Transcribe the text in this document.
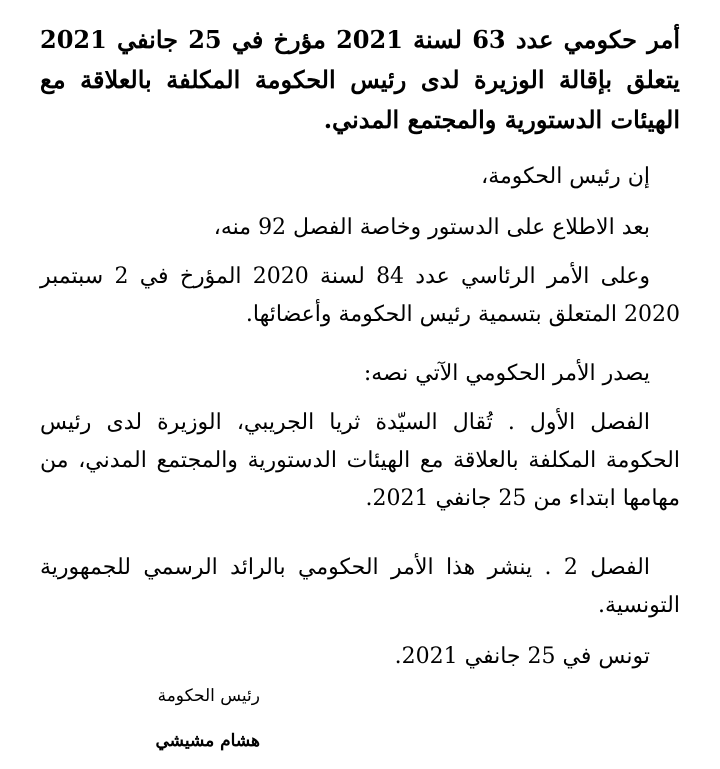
أمر حكومي عدد 63 لسنة 2021 مؤرخ في 25 جانفي 2021 يتعلق بإقالة الوزيرة لدى رئيس الحكومة المكلفة بالعلاقة مع الهيئات الدستورية والمجتمع المدني.
إن رئيس الحكومة،
بعد الاطلاع على الدستور وخاصة الفصل 92 منه،
وعلى الأمر الرئاسي عدد 84 لسنة 2020 المؤرخ في 2 سبتمبر 2020 المتعلق بتسمية رئيس الحكومة وأعضائها.
يصدر الأمر الحكومي الآتي نصه:
الفصل الأول . تُقال السيّدة ثريا الجريبي، الوزيرة لدى رئيس الحكومة المكلفة بالعلاقة مع الهيئات الدستورية والمجتمع المدني، من مهامها ابتداء من 25 جانفي 2021.
الفصل 2 . ينشر هذا الأمر الحكومي بالرائد الرسمي للجمهورية التونسية.
تونس في 25 جانفي 2021.
رئيس الحكومة
هشام مشيشي
